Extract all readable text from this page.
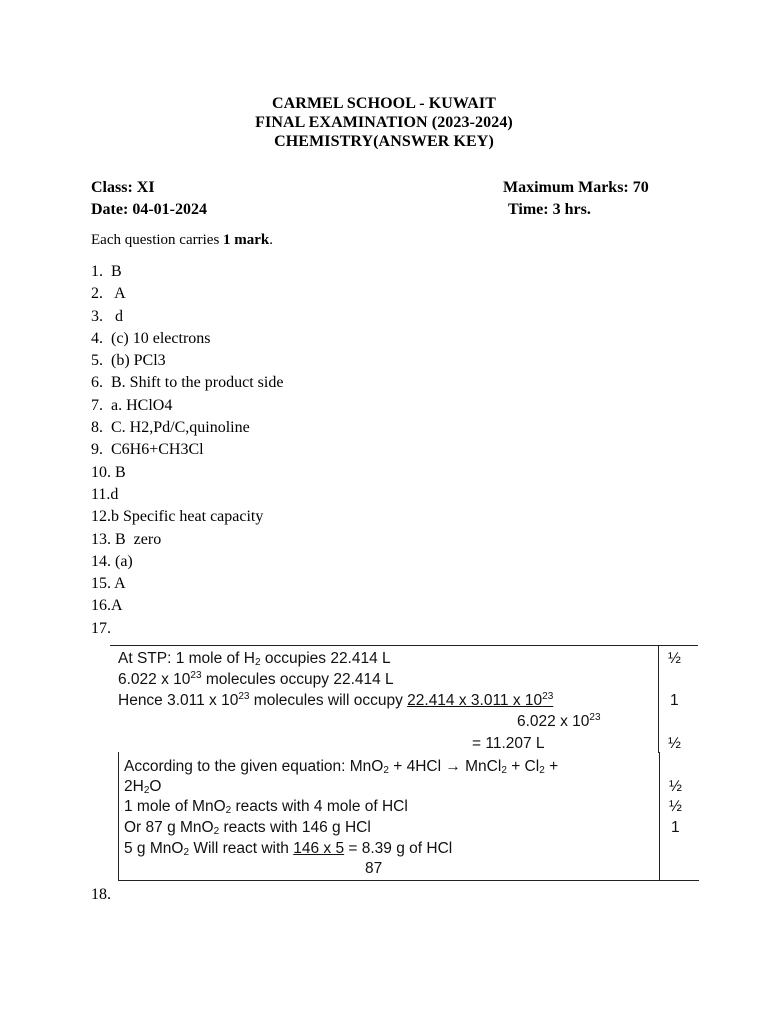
CARMEL SCHOOL - KUWAIT
FINAL EXAMINATION (2023-2024)
CHEMISTRY(ANSWER KEY)
Class: XI
Date: 04-01-2024
Maximum Marks: 70
Time: 3 hrs.
Each question carries 1 mark.
1.  B
2.   A
3.   d
4.  (c) 10 electrons
5.  (b) PCl3
6.  B. Shift to the product side
7.  a. HClO4
8.  C. H2,Pd/C,quinoline
9.  C6H6+CH3Cl
10. B
11.d
12.b Specific heat capacity
13. B  zero
14. (a)
15. A
16.A
17.
At STP: 1 mole of $H_2$ occupies 22.414 L
6.022 x $10^{23}$ molecules occupy 22.414 L
Hence 3.011 x $10^{23}$ molecules will occupy 22.414 x 3.011 x $10^{23}$
6.022 x $10^{23}$
= 11.207 L
½
1
½
According to the given equation: MnO$_2$ + 4HCl → MnCl$_2$ + $Cl_2$ +
$2H_2O$
1 mole of MnO$_2$ reacts with 4 mole of HCl
Or 87 g MnO$_2$ reacts with 146 g HCl
5 g MnO$_2$ Will react with 146 x 5 = 8.39 g of HCl
87
½
½
1
18.
